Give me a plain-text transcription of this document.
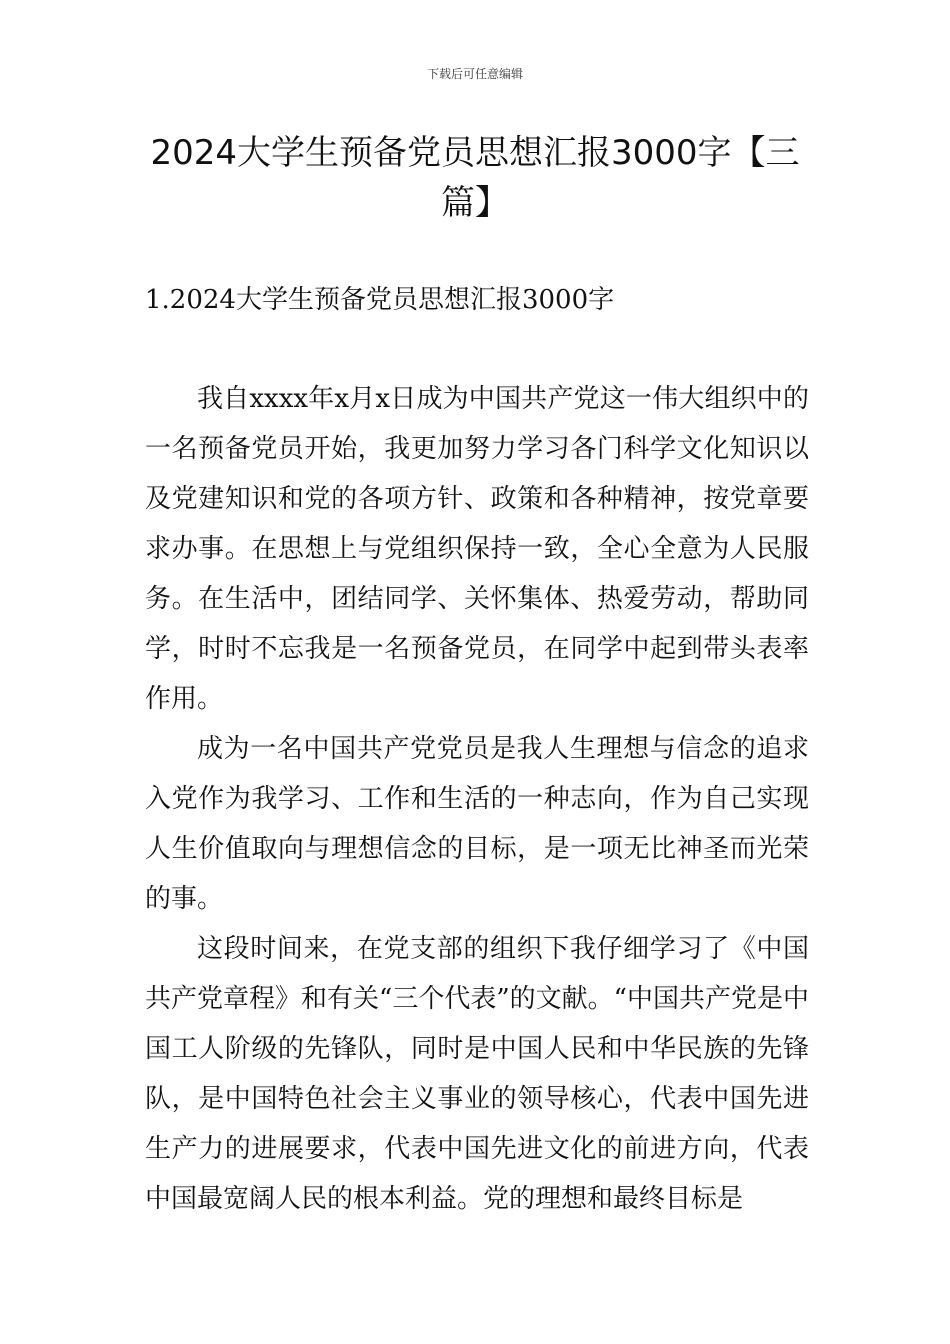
下载后可任意编辑
2024大学生预备党员思想汇报3000字【三篇】
1.2024大学生预备党员思想汇报3000字

我自xxxx年x月x日成为中国共产党这一伟大组织中的一名预备党员开始，我更加努力学习各门科学文化知识以及党建知识和党的各项方针、政策和各种精神，按党章要求办事。在思想上与党组织保持一致，全心全意为人民服务。在生活中，团结同学、关怀集体、热爱劳动，帮助同学，时时不忘我是一名预备党员，在同学中起到带头表率作用。

成为一名中国共产党党员是我人生理想与信念的追求入党作为我学习、工作和生活的一种志向，作为自己实现人生价值取向与理想信念的目标，是一项无比神圣而光荣的事。

这段时间来，在党支部的组织下我仔细学习了《中国共产党章程》和有关“三个代表”的文献。“中国共产党是中国工人阶级的先锋队，同时是中国人民和中华民族的先锋队，是中国特色社会主义事业的领导核心，代表中国先进生产力的进展要求，代表中国先进文化的前进方向，代表中国最宽阔人民的根本利益。党的理想和最终目标是
